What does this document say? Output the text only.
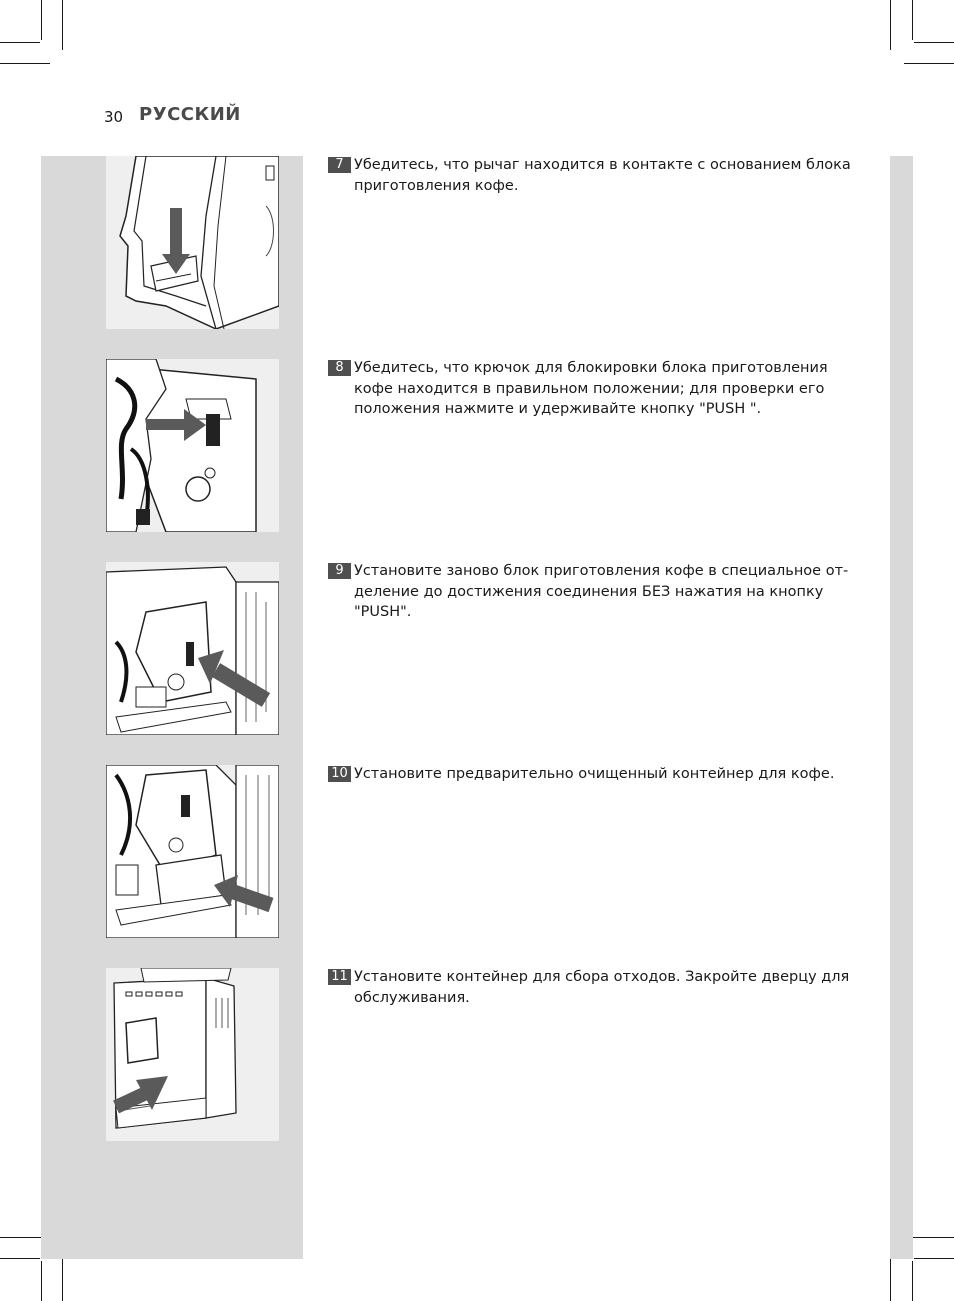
30 РУССКИЙ
7 Убедитесь, что рычаг находится в контакте с основанием блока приготовления кофе.
8 Убедитесь, что крючок для блокировки блока приготовления кофе находится в правильном положении; для проверки его положения нажмите и удерживайте кнопку "PUSH ".
9 Установите заново блок приготовления кофе в специальное от-деление до достижения соединения БЕЗ нажатия на кнопку "PUSH".
10 Установите предварительно очищенный контейнер для кофе.
11 Установите контейнер для сбора отходов. Закройте дверцу для обслуживания.
